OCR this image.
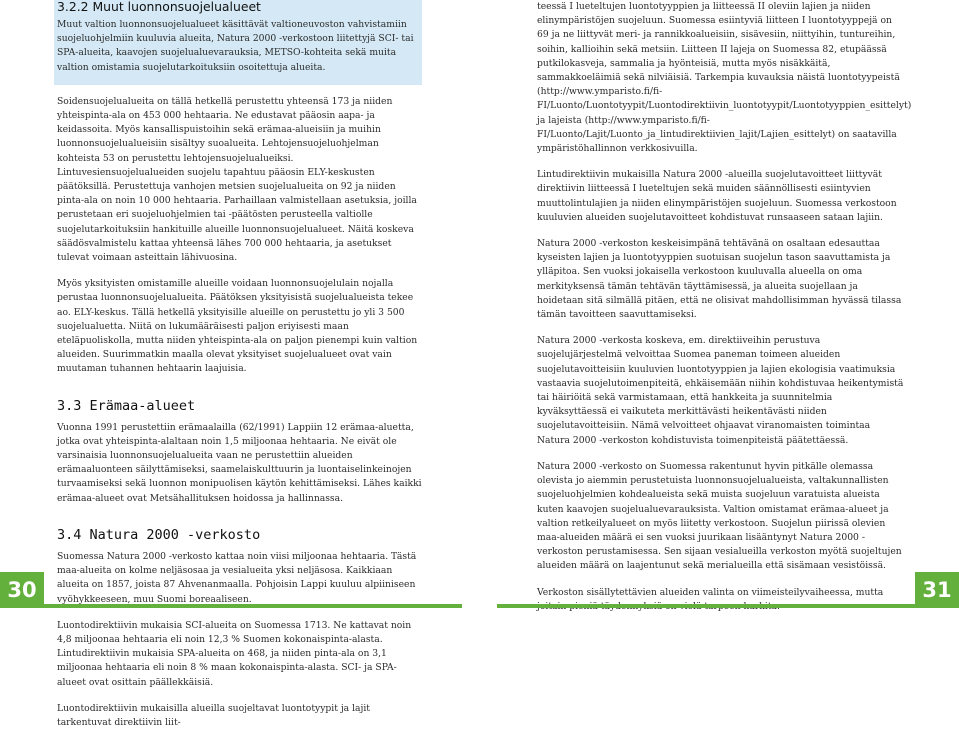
3.2.2 Muut luonnonsuojelualueet

Muut valtion luonnonsuojelualueet käsittävät valtioneuvoston vahvistamiin suojeluohjelmiin kuuluvia alueita, Natura 2000 -verkostoon liitettyjä SCI- tai SPA-alueita, kaavojen suojelualuevarauksia, METSO-kohteita sekä muita valtion omistamia suojelutarkoituksiin osoitettuja alueita.

Soidensuojelualueita on tällä hetkellä perustettu yhteensä 173 ja niiden yhteispinta-ala on 453 000 hehtaaria. Ne edustavat pääosin aapa- ja keidassoita. Myös kansallispuistoihin sekä erämaa-alueisiin ja muihin luonnonsuojelualueisiin sisältyy suoalueita. Lehtojensuojeluohjelman kohteista 53 on perustettu lehtojensuojelualueiksi. Lintuvesiensuojelualueiden suojelu tapahtuu pääosin ELY-keskusten päätöksillä. Perustettuja vanhojen metsien suojelualueita on 92 ja niiden pinta-ala on noin 10 000 hehtaaria. Parhaillaan valmistellaan asetuksia, joilla perustetaan eri suojeluohjelmien tai -päätösten perusteella valtiolle suojelutarkoituksiin hankituille alueille luonnonsuojelualueet. Näitä koskeva säädösvalmistelu kattaa yhteensä lähes 700 000 hehtaaria, ja asetukset tulevat voimaan asteittain lähivuosina.

Myös yksityisten omistamille alueille voidaan luonnonsuojelulain nojalla perustaa luonnonsuojelualueita. Päätöksen yksityisistä suojelualueista tekee ao. ELY-keskus. Tällä hetkellä yksityisille alueille on perustettu jo yli 3 500 suojelualuetta. Niitä on lukumääräisesti paljon eriyisesti maan eteläpuoliskolla, mutta niiden yhteispinta-ala on paljon pienempi kuin valtion alueiden. Suurimmatkin maalla olevat yksityiset suojelualueet ovat vain muutaman tuhannen hehtaarin laajuisia.

3.3 Erämaa-alueet

Vuonna 1991 perustettiin erämaalailla (62/1991) Lappiin 12 erämaa-aluetta, jotka ovat yhteispinta-alaltaan noin 1,5 miljoonaa hehtaaria. Ne eivät ole varsinaisia luonnonsuojelualueita vaan ne perustettiin alueiden erämaaluonteen säilyttämiseksi, saamelaiskulttuurin ja luontaiselinkeinojen turvaamiseksi sekä luonnon monipuolisen käytön kehittämiseksi. Lähes kaikki erämaa-alueet ovat Metsähallituksen hoidossa ja hallinnassa.

3.4 Natura 2000 -verkosto

Suomessa Natura 2000 -verkosto kattaa noin viisi miljoonaa hehtaaria. Tästä maa-alueita on kolme neljäsosaa ja vesialueita yksi neljäsosa. Kaikkiaan alueita on 1857, joista 87 Ahvenanmaalla. Pohjoisin Lappi kuuluu alpiiniseen vyöhykkeeseen, muu Suomi boreaaliseen.

Luontodirektiivin mukaisia SCI-alueita on Suomessa 1713. Ne kattavat noin 4,8 miljoonaa hehtaaria eli noin 12,3 % Suomen kokonaispinta-alasta. Lintudirektiivin mukaisia SPA-alueita on 468, ja niiden pinta-ala on 3,1 miljoonaa hehtaaria eli noin 8 % maan kokonaispinta-alasta. SCI- ja SPA-alueet ovat osittain päällekkäisiä.

Luontodirektiivin mukaisilla alueilla suojeltavat luontotyypit ja lajit tarkentuvat direktiivin liit-

teessä I lueteltujen luontotyyppien ja liitteessä II oleviin lajien ja niiden elinympäristöjen suojeluun. Suomessa esiintyviä liitteen I luontotyyppejä on 69 ja ne liittyvät meri- ja rannikkoalueisiin, sisävesiin, niittyihin, tuntureihin, soihin, kallioihin sekä metsiin. Liitteen II lajeja on Suomessa 82, etupäässä putkilokasveja, sammalia ja hyönteisiä, mutta myös nisäkkäitä, sammakkoeläimiä sekä nilviäisiä. Tarkempia kuvauksia näistä luontotyypeistä (http://www.ymparisto.fi/fi-FI/Luonto/Luontotyypit/Luontodirektiivin_luontotyypit/Luontotyyppien_esittelyt) ja lajeista (http://www.ymparisto.fi/fi-FI/Luonto/Lajit/Luonto_ja_lintudirektiivien_lajit/Lajien_esittelyt) on saatavilla ympäristöhallinnon verkkosivuilla.

Lintudirektiivin mukaisilla Natura 2000 -alueilla suojelutavoitteet liittyvät direktiivin liitteessä I lueteltujen sekä muiden säännöllisesti esiintyvien muuttolintulajien ja niiden elinympäristöjen suojeluun. Suomessa verkostoon kuuluvien alueiden suojelutavoitteet kohdistuvat runsaaseen sataan lajiin.

Natura 2000 -verkoston keskeisimpänä tehtävänä on osaltaan edesauttaa kyseisten lajien ja luontotyyppien suotuisan suojelun tason saavuttamista ja ylläpitoa. Sen vuoksi jokaisella verkostoon kuuluvalla alueella on oma merkityksensä tämän tehtävän täyttämisessä, ja alueita suojellaan ja hoidetaan sitä silmällä pitäen, että ne olisivat mahdollisimman hyvässä tilassa tämän tavoitteen saavuttamiseksi.

Natura 2000 -verkosta koskeva, em. direktiiveihin perustuva suojelujärjestelmä velvoittaa Suomea paneman toimeen alueiden suojelutavoitteisiin kuuluvien luontotyyppien ja lajien ekologisia vaatimuksia vastaavia suojelutoimenpiteitä, ehkäisemään niihin kohdistuvaa heikentymistä tai häiriöitä sekä varmistamaan, että hankkeita ja suunnitelmia kyväksyttäessä ei vaikuteta merkittävästi heikentävästi niiden suojelutavoitteisiin. Nämä velvoitteet ohjaavat viranomaisten toimintaa Natura 2000 -verkoston kohdistuvista toimenpiteistä päätettäessä.

Natura 2000 -verkosto on Suomessa rakentunut hyvin pitkälle olemassa olevista jo aiemmin perustetuista luonnonsuojelualueista, valtakunnallisten suojeluohjelmien kohdealueista sekä muista suojeluun varatuista alueista kuten kaavojen suojelualuevarauksista. Valtion omistamat erämaa-alueet ja valtion retkeilyalueet on myös liitetty verkostoon. Suojelun piirissä olevien maa-alueiden määrä ei sen vuoksi juurikaan lisääntynyt Natura 2000 -verkoston perustamisessa. Sen sijaan vesialueilla verkoston myötä suojeltujen alueiden määrä on laajentunut sekä merialueilla että sisämaan vesistöissä.

Verkoston sisällytettävien alueiden valinta on viimeisteilyvaiheessa, mutta

30	31
